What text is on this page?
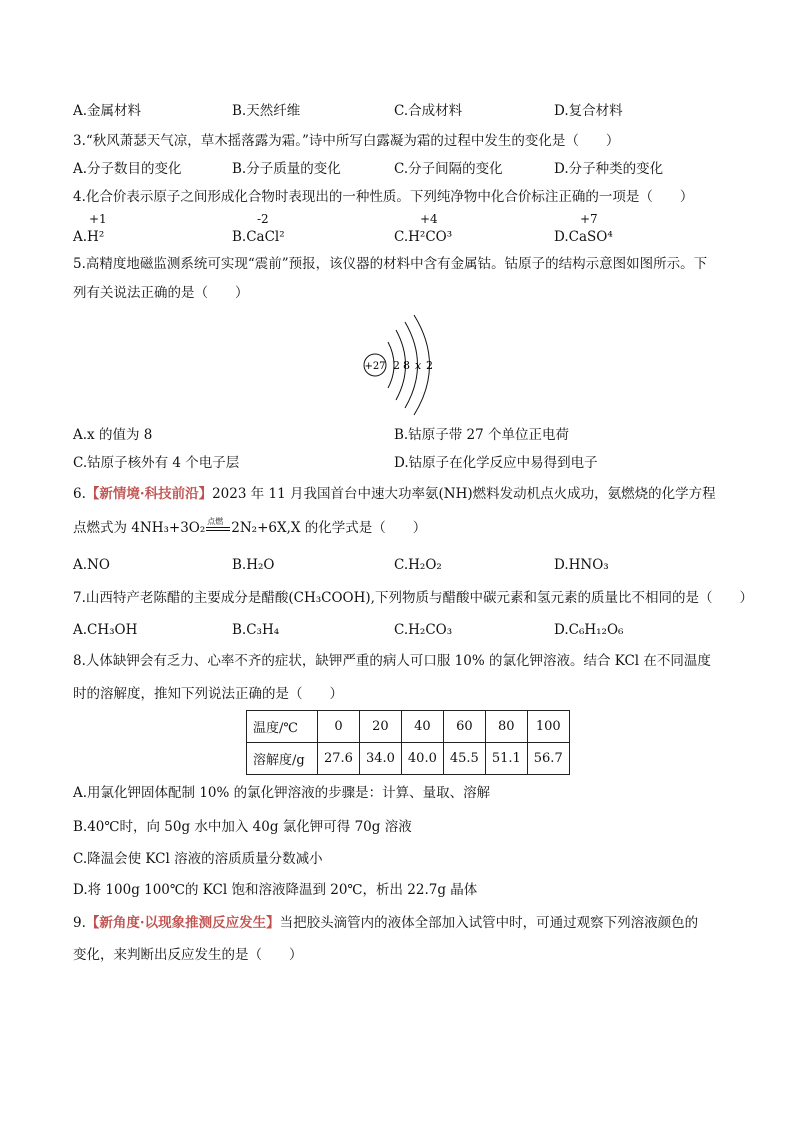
A.金属材料	B.天然纤维	C.合成材料	D.复合材料
3.“秋风萧瑟天气凉，草木摇落露为霜。”诗中所写白露凝为霜的过程中发生的变化是（　　）
A.分子数目的变化	B.分子质量的变化	C.分子间隔的变化	D.分子种类的变化
4.化合价表示原子之间形成化合物时表现出的一种性质。下列纯净物中化合价标注正确的一项是（　　）
+1	-2	+4	+7
A.H²	B.CaCl²	C.H²CO³	D.CaSO⁴
5.高精度地磁监测系统可实现“震前”预报，该仪器的材料中含有金属钴。钴原子的结构示意图如图所示。下
列有关说法正确的是（　　）
+27 2 8 x 2
A.x 的值为 8	B.钴原子带 27 个单位正电荷
C.钴原子核外有 4 个电子层	D.钴原子在化学反应中易得到电子
6.【新情境·科技前沿】2023 年 11 月我国首台中速大功率氨(NH)燃料发动机点火成功，氨燃烧的化学方程
点燃式为 4NH₃+3O₂ 点燃 2N₂+6X,X 的化学式是（　　）
A.NO	B.H₂O	C.H₂O₂	D.HNO₃
7.山西特产老陈醋的主要成分是醋酸(CH₃COOH),下列物质与醋酸中碳元素和氢元素的质量比不相同的是（　　）
A.CH₃OH	B.C₃H₄	C.H₂CO₃	D.C₆H₁₂O₆
8.人体缺钾会有乏力、心率不齐的症状，缺钾严重的病人可口服 10% 的氯化钾溶液。结合 KCl 在不同温度
时的溶解度，推知下列说法正确的是（　　）
温度/℃	0	20	40	60	80	100
溶解度/g	27.6	34.0	40.0	45.5	51.1	56.7
A.用氯化钾固体配制 10% 的氯化钾溶液的步骤是：计算、量取、溶解
B.40℃时，向 50g 水中加入 40g 氯化钾可得 70g 溶液
C.降温会使 KCl 溶液的溶质质量分数减小
D.将 100g 100℃的 KCl 饱和溶液降温到 20℃，析出 22.7g 晶体
9.【新角度·以现象推测反应发生】当把胶头滴管内的液体全部加入试管中时，可通过观察下列溶液颜色的
变化，来判断出反应发生的是（　　）
